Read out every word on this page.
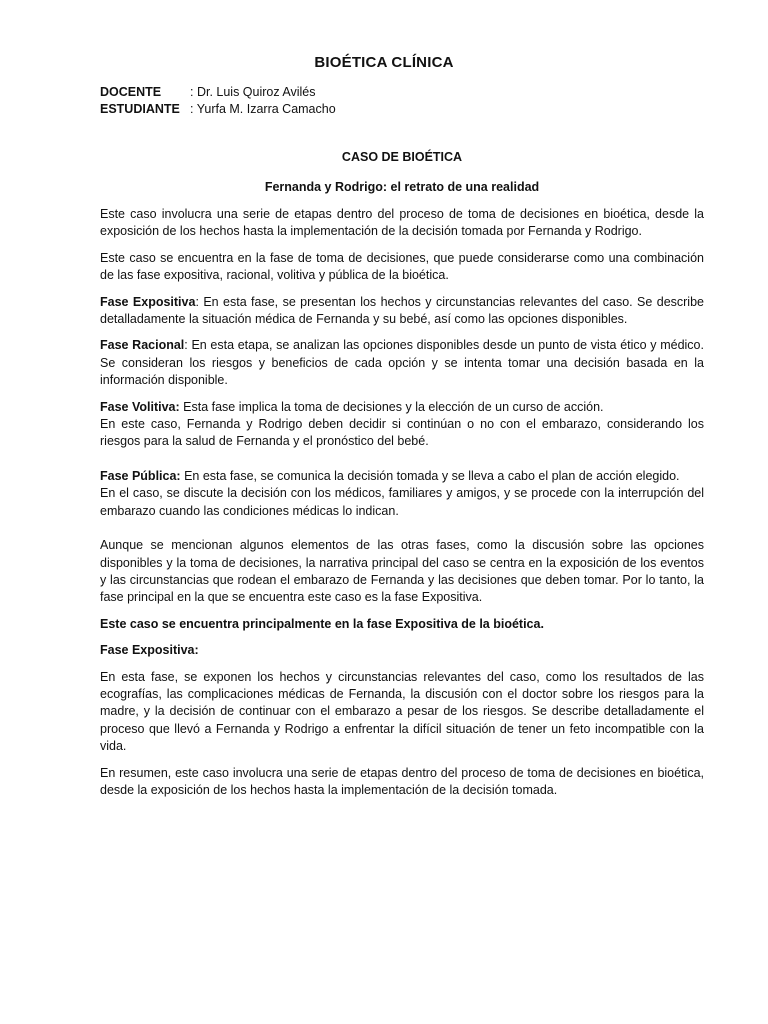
BIOÉTICA CLÍNICA
DOCENTE	: Dr. Luis Quiroz Avilés
ESTUDIANTE : Yurfa M. Izarra Camacho
CASO DE BIOÉTICA
Fernanda y Rodrigo: el retrato de una realidad

Este caso involucra una serie de etapas dentro del proceso de toma de decisiones en bioética, desde la exposición de los hechos hasta la implementación de la decisión tomada por Fernanda y Rodrigo.

Este caso se encuentra en la fase de toma de decisiones, que puede considerarse como una combinación de las fase expositiva, racional, volitiva y pública de la bioética.

Fase Expositiva: En esta fase, se presentan los hechos y circunstancias relevantes del caso. Se describe detalladamente la situación médica de Fernanda y su bebé, así como las opciones disponibles.

Fase Racional: En esta etapa, se analizan las opciones disponibles desde un punto de vista ético y médico. Se consideran los riesgos y beneficios de cada opción y se intenta tomar una decisión basada en la información disponible.

Fase Volitiva: Esta fase implica la toma de decisiones y la elección de un curso de acción.
En este caso, Fernanda y Rodrigo deben decidir si continúan o no con el embarazo, considerando los riesgos para la salud de Fernanda y el pronóstico del bebé.

Fase Pública: En esta fase, se comunica la decisión tomada y se lleva a cabo el plan de acción elegido.
En el caso, se discute la decisión con los médicos, familiares y amigos, y se procede con la interrupción del embarazo cuando las condiciones médicas lo indican.

Aunque se mencionan algunos elementos de las otras fases, como la discusión sobre las opciones disponibles y la toma de decisiones, la narrativa principal del caso se centra en la exposición de los eventos y las circunstancias que rodean el embarazo de Fernanda y las decisiones que deben tomar. Por lo tanto, la fase principal en la que se encuentra este caso es la fase Expositiva.

Este caso se encuentra principalmente en la fase Expositiva de la bioética.

Fase Expositiva:

En esta fase, se exponen los hechos y circunstancias relevantes del caso, como los resultados de las ecografías, las complicaciones médicas de Fernanda, la discusión con el doctor sobre los riesgos para la madre, y la decisión de continuar con el embarazo a pesar de los riesgos. Se describe detalladamente el proceso que llevó a Fernanda y Rodrigo a enfrentar la difícil situación de tener un feto incompatible con la vida.

En resumen, este caso involucra una serie de etapas dentro del proceso de toma de decisiones en bioética, desde la exposición de los hechos hasta la implementación de la decisión tomada.
